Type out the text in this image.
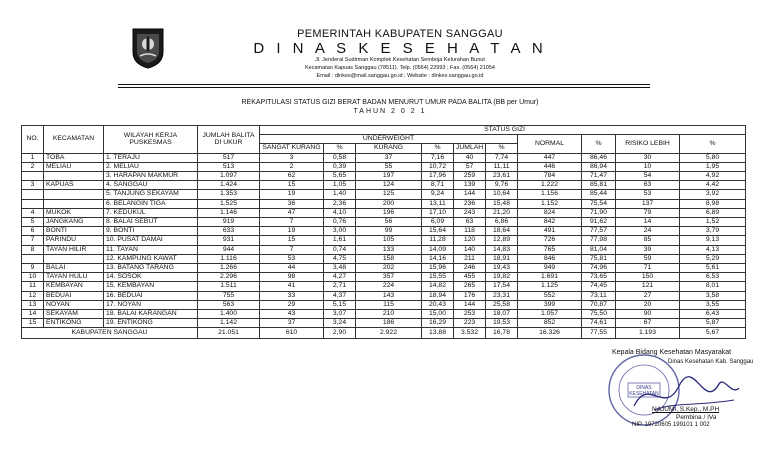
PEMERINTAH KABUPATEN SANGGAU
D I N A S K E S E H A T A N
Jl. Jenderal Sudirman Komplek Kesehatan Semboja Kelurahan Bunut
Kecamatan Kapuas Sanggau (78511). Telp. (0564) 22993 ; Fax. (0564) 21054
Email : dinkes@mail.sanggau.go.id ; Website : dinkes.sanggau.go.id
REKAPITULASI STATUS GIZI BERAT BADAN MENURUT UMUR PADA BALITA (BB per Umur)
TAHUN 2 0 2 1
NO.	KECAMATAN	WILAYAH KERJA PUSKESMAS	JUMLAH BALITA DI UKUR	STATUS GIZI									
				UNDERWEIGHT						NORMAL	%	RISIKO LEBIH	%
				SANGAT KURANG	%	KURANG	%	JUMLAH	%				
1	TOBA	1. TERAJU	517	3	0,58	37	7,16	40	7,74	447	86,46	30	5,80
2	MELIAU	2. MELIAU	513	2	0,39	55	10,72	57	11,11	446	86,94	10	1,95
		3. HARAPAN MAKMUR	1.097	62	5,65	197	17,96	259	23,61	784	71,47	54	4,92
3	KAPUAS	4. SANGGAU	1.424	15	1,05	124	8,71	139	9,76	1.222	85,81	63	4,42
		5. TANJUNG SEKAYAM	1.353	19	1,40	125	9,24	144	10,64	1.156	85,44	53	3,92
		6. BELANGIN TIGA	1.525	36	2,36	200	13,11	236	15,48	1.152	75,54	137	8,98
4	MUKOK	7. KEDUKUL	1.146	47	4,10	196	17,10	243	21,20	824	71,90	79	6,89
5	JANGKANG	8. BALAI SEBUT	919	7	0,76	56	6,09	63	6,86	842	91,62	14	1,52
6	BONTI	9. BONTI	633	19	3,00	99	15,64	118	18,64	491	77,57	24	3,79
7	PARINDU	10. PUSAT DAMAI	931	15	1,61	105	11,28	120	12,89	726	77,98	85	9,13
8	TAYAN HILIR	11. TAYAN	944	7	0,74	133	14,09	140	14,83	765	81,04	39	4,13
		12. KAMPUNG KAWAT	1.116	53	4,75	158	14,16	211	18,91	846	75,81	59	5,29
9	BALAI	13. BATANG TARANG	1.266	44	3,48	202	15,96	246	19,43	949	74,96	71	5,61
10	TAYAN HULU	14. SOSOK	2.296	98	4,27	357	15,55	455	19,82	1.691	73,65	150	6,53
11	KEMBAYAN	15. KEMBAYAN	1.511	41	2,71	224	14,82	265	17,54	1.125	74,45	121	8,01
12	BEDUAI	16. BEDUAI	755	33	4,37	143	18,94	176	23,31	552	73,11	27	3,58
13	NOYAN	17. NOYAN	563	29	5,15	115	20,43	144	25,58	399	70,87	20	3,55
14	SEKAYAM	18. BALAI KARANGAN	1.400	43	3,07	210	15,00	253	18,07	1.057	75,50	90	6,43
15	ENTIKONG	19. ENTIKONG	1.142	37	3,24	186	16,29	223	19,53	852	74,61	67	5,87
KABUPATEN SANGGAU			21.051	610	2,90	2.922	13,88	3.532	16,78	16.326	77,55	1.193	5,67
Kepala Bidang Kesehatan Masyarakat
Dinas Kesehatan Kab. Sanggau
DINAS
KESEHATAN
NAJUMI, S.Kep., M.PH
Pembina / IVa
NIP. 19720605 199101 1 002
